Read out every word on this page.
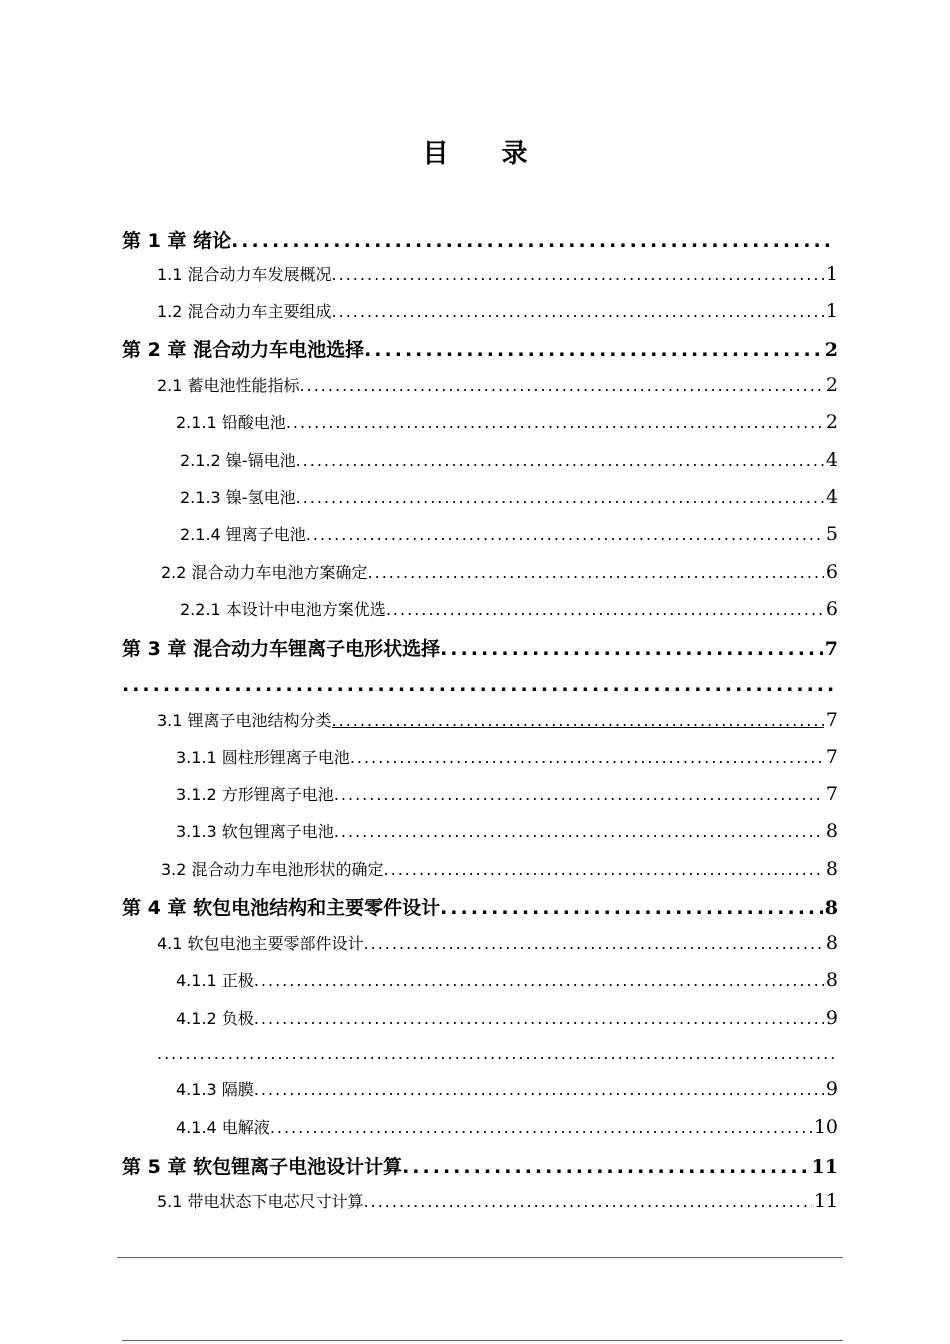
目 录
第 1 章 绪论
.....
1.1 混合动力车发展概况 .....	1
1.2 混合动力车主要组成 .....	1
第 2 章 混合动力车电池选择 .....	2
2.1 蓄电池性能指标 .....	2
2.1.1 铅酸电池 .....	2
2.1.2 镍-镉电池 .....	4
2.1.3 镍-氢电池 .....	4
2.1.4 锂离子电池 .....	5
2.2 混合动力车电池方案确定 .....	6
2.2.1 本设计中电池方案优选 .....	6
第 3 章 混合动力车锂离子电形状选择 .....	7
.....
3.1 锂离子电池结构分类 .....	7
3.1.1 圆柱形锂离子电池 .....	7
3.1.2 方形锂离子电池 .....	7
3.1.3 软包锂离子电池 .....	8
3.2 混合动力车电池形状的确定 .....	8
第 4 章 软包电池结构和主要零件设计 .....	8
4.1 软包电池主要零部件设计 .....	8
4.1.1 正极 .....	8
4.1.2 负极 .....	9
.....
4.1.3 隔膜 .....	9
4.1.4 电解液 .....	10
第 5 章 软包锂离子电池设计计算 .....	11
5.1 带电状态下电芯尺寸计算 .....	11
